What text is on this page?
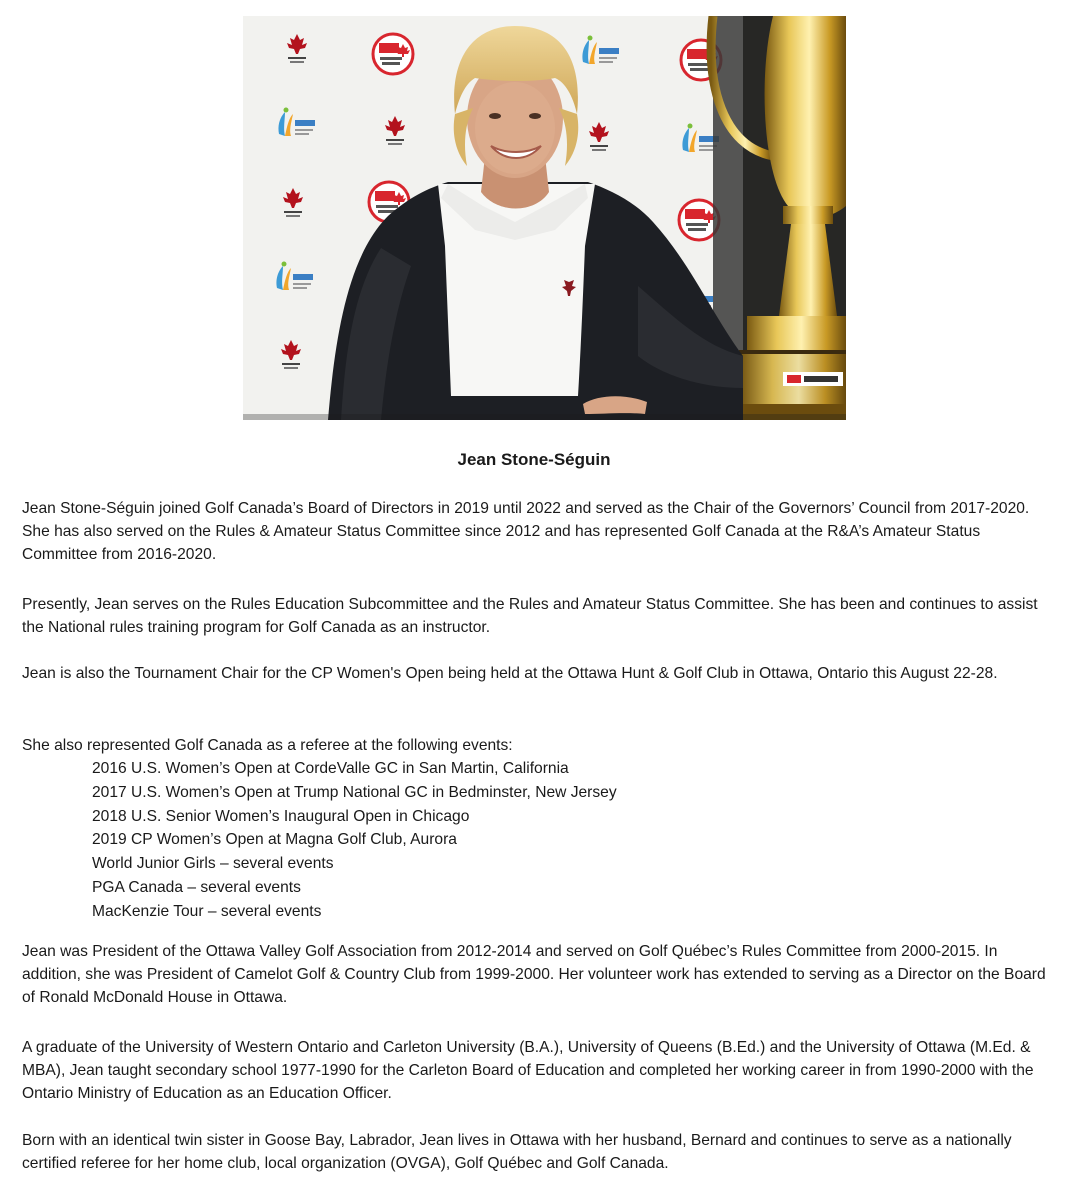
Jean Stone-Séguin

Jean Stone-Séguin joined Golf Canada’s Board of Directors in 2019 until 2022 and served as the Chair of the Governors’ Council from 2017-2020. She has also served on the Rules & Amateur Status Committee since 2012 and has represented Golf Canada at the R&A’s Amateur Status Committee from 2016-2020.

Presently, Jean serves on the Rules Education Subcommittee and the Rules and Amateur Status Committee. She has been and continues to assist the National rules training program for Golf Canada as an instructor.

Jean is also the Tournament Chair for the CP Women's Open being held at the Ottawa Hunt & Golf Club in Ottawa, Ontario this August 22-28.

She also represented Golf Canada as a referee at the following events:

2016 U.S. Women’s Open at CordeValle GC in San Martin, California
2017 U.S. Women’s Open at Trump National GC in Bedminster, New Jersey
2018 U.S. Senior Women’s Inaugural Open in Chicago
2019 CP Women’s Open at Magna Golf Club, Aurora
World Junior Girls – several events
PGA Canada – several events
MacKenzie Tour – several events

Jean was President of the Ottawa Valley Golf Association from 2012-2014 and served on Golf Québec’s Rules Committee from 2000-2015. In addition, she was President of Camelot Golf & Country Club from 1999-2000. Her volunteer work has extended to serving as a Director on the Board of Ronald McDonald House in Ottawa.

A graduate of the University of Western Ontario and Carleton University (B.A.), University of Queens (B.Ed.) and the University of Ottawa (M.Ed. & MBA), Jean taught secondary school 1977-1990 for the Carleton Board of Education and completed her working career in from 1990-2000 with the Ontario Ministry of Education as an Education Officer.

Born with an identical twin sister in Goose Bay, Labrador, Jean lives in Ottawa with her husband, Bernard and continues to serve as a nationally certified referee for her home club, local organization (OVGA), Golf Québec and Golf Canada.
